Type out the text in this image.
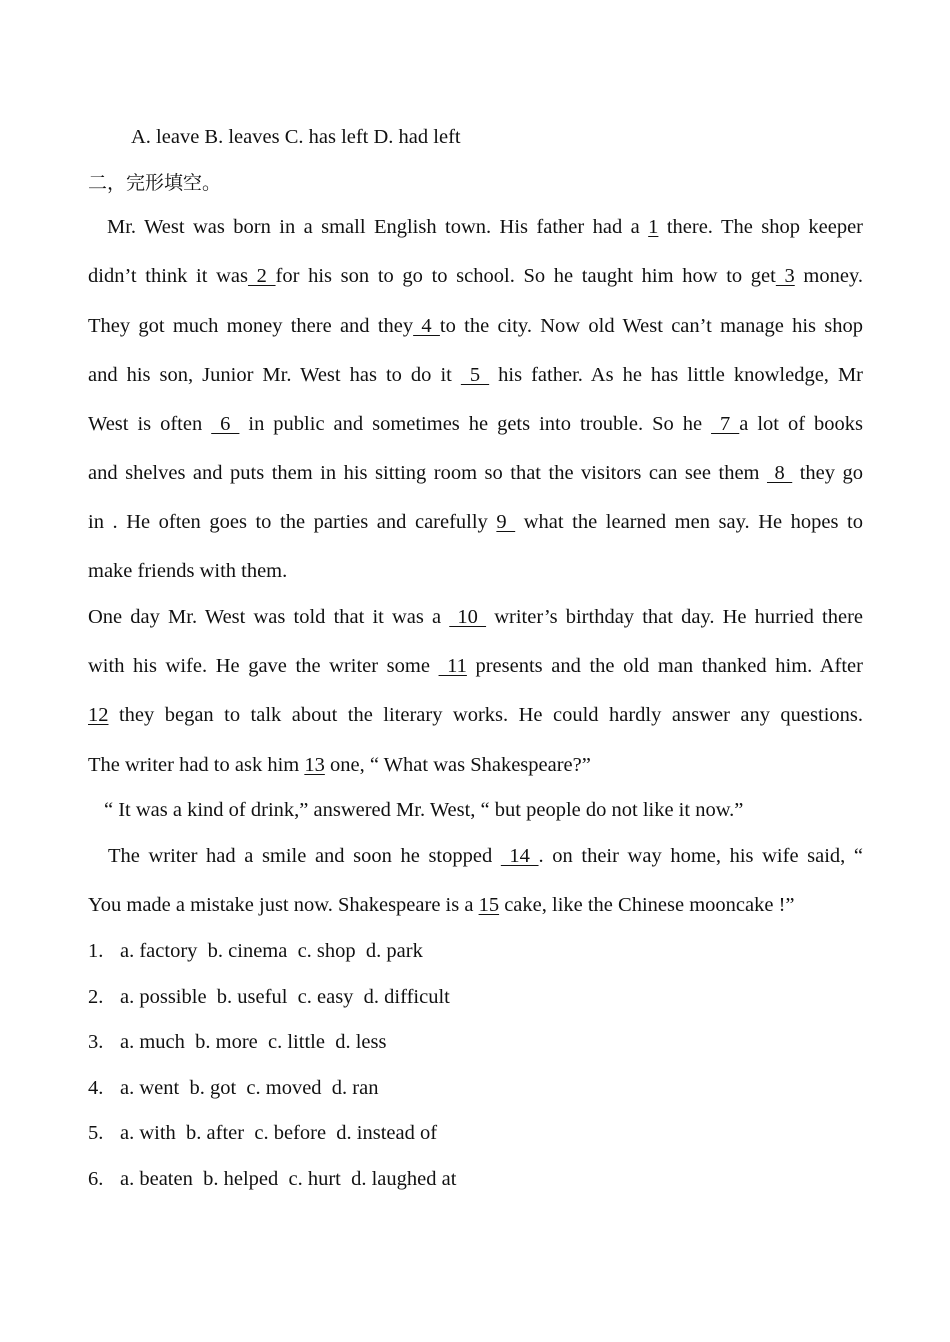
A. leave B. leaves C. has left D. had left
二，完形填空。
Mr. West was born in a small English town. His father had a 1 there. The shop keeper
didn’t think it was 2 for his son to go to school. So he taught him how to get 3 money.
They got much money there and they 4 to the city. Now old West can’t manage his shop
and his son, Junior Mr. West has to do it  5  his father. As he has little knowledge, Mr
West is often  6  in public and sometimes he gets into trouble. So he  7 a lot of books
and shelves and puts them in his sitting room so that the visitors can see them  8  they go
in . He often goes to the parties and carefully 9  what the learned men say. He hopes to
make friends with them.
One day Mr. West was told that it was a  10  writer’s birthday that day. He hurried there
with his wife. He gave the writer some  11 presents and the old man thanked him. After
12 they began to talk about the literary works. He could hardly answer any questions.
The writer had to ask him 13 one, “ What was Shakespeare?”
“ It was a kind of drink,” answered Mr. West, “ but people do not like it now.”
The writer had a smile and soon he stopped  14 . on their way home, his wife said, “
You made a mistake just now. Shakespeare is a 15 cake, like the Chinese mooncake !”
1. a. factory  b. cinema  c. shop  d. park
2. a. possible  b. useful  c. easy  d. difficult
3. a. much  b. more  c. little  d. less
4. a. went  b. got  c. moved  d. ran
5. a. with  b. after  c. before  d. instead of
6. a. beaten  b. helped  c. hurt  d. laughed at
